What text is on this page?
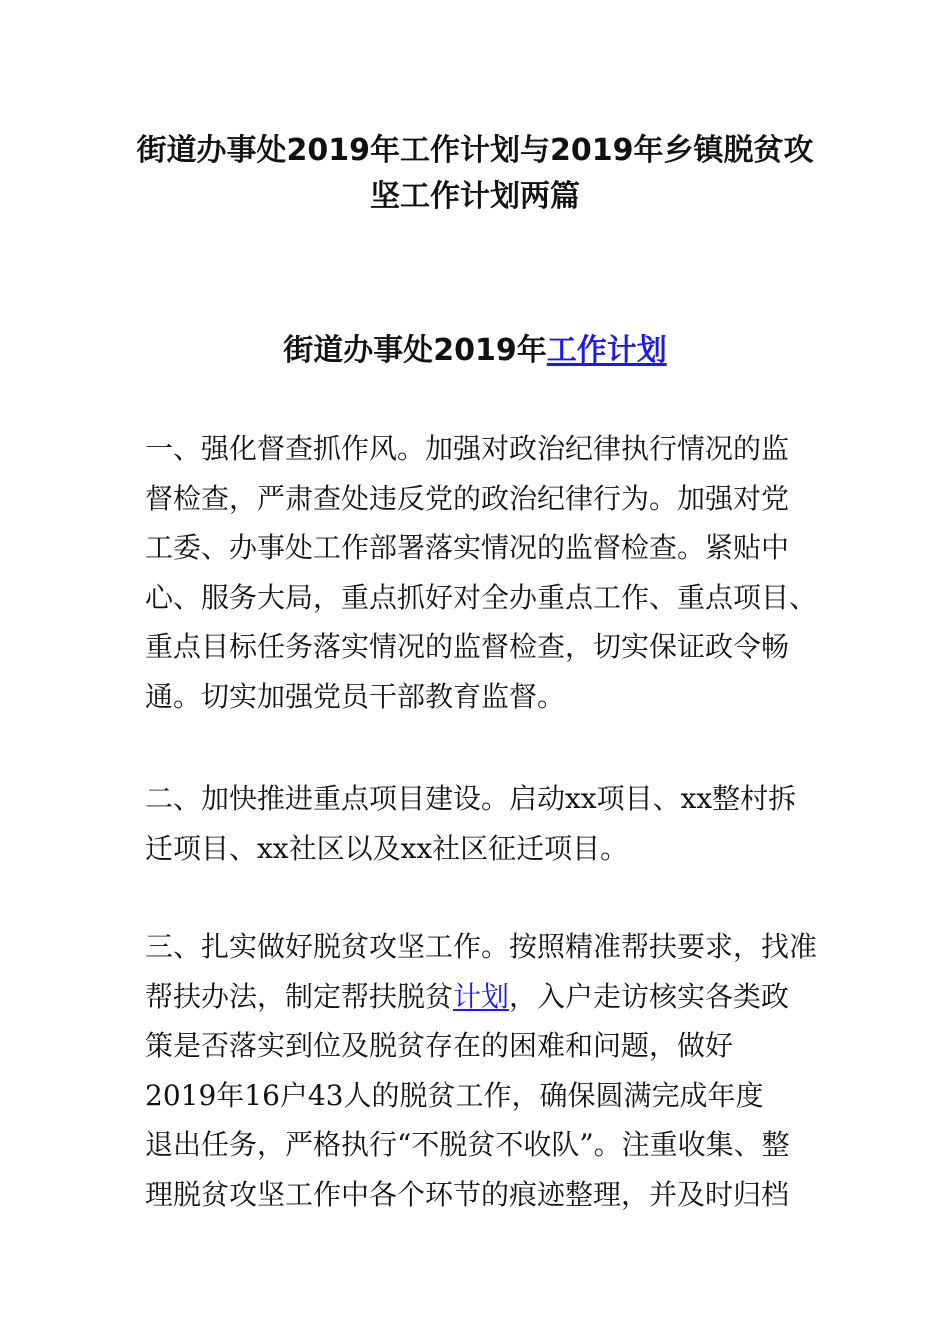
街道办事处2019年工作计划与2019年乡镇脱贫攻坚工作计划两篇
街道办事处2019年工作计划

一、强化督查抓作风。加强对政治纪律执行情况的监
督检查，严肃查处违反党的政治纪律行为。加强对党
工委、办事处工作部署落实情况的监督检查。紧贴中
心、服务大局，重点抓好对全办重点工作、重点项目、
重点目标任务落实情况的监督检查，切实保证政令畅
通。切实加强党员干部教育监督。

二、加快推进重点项目建设。启动xx项目、xx整村拆
迁项目、xx社区以及xx社区征迁项目。

三、扎实做好脱贫攻坚工作。按照精准帮扶要求，找准
帮扶办法，制定帮扶脱贫计划，入户走访核实各类政
策是否落实到位及脱贫存在的困难和问题，做好
2019年16户43人的脱贫工作，确保圆满完成年度
退出任务，严格执行“不脱贫不收队”。注重收集、整
理脱贫攻坚工作中各个环节的痕迹整理，并及时归档
